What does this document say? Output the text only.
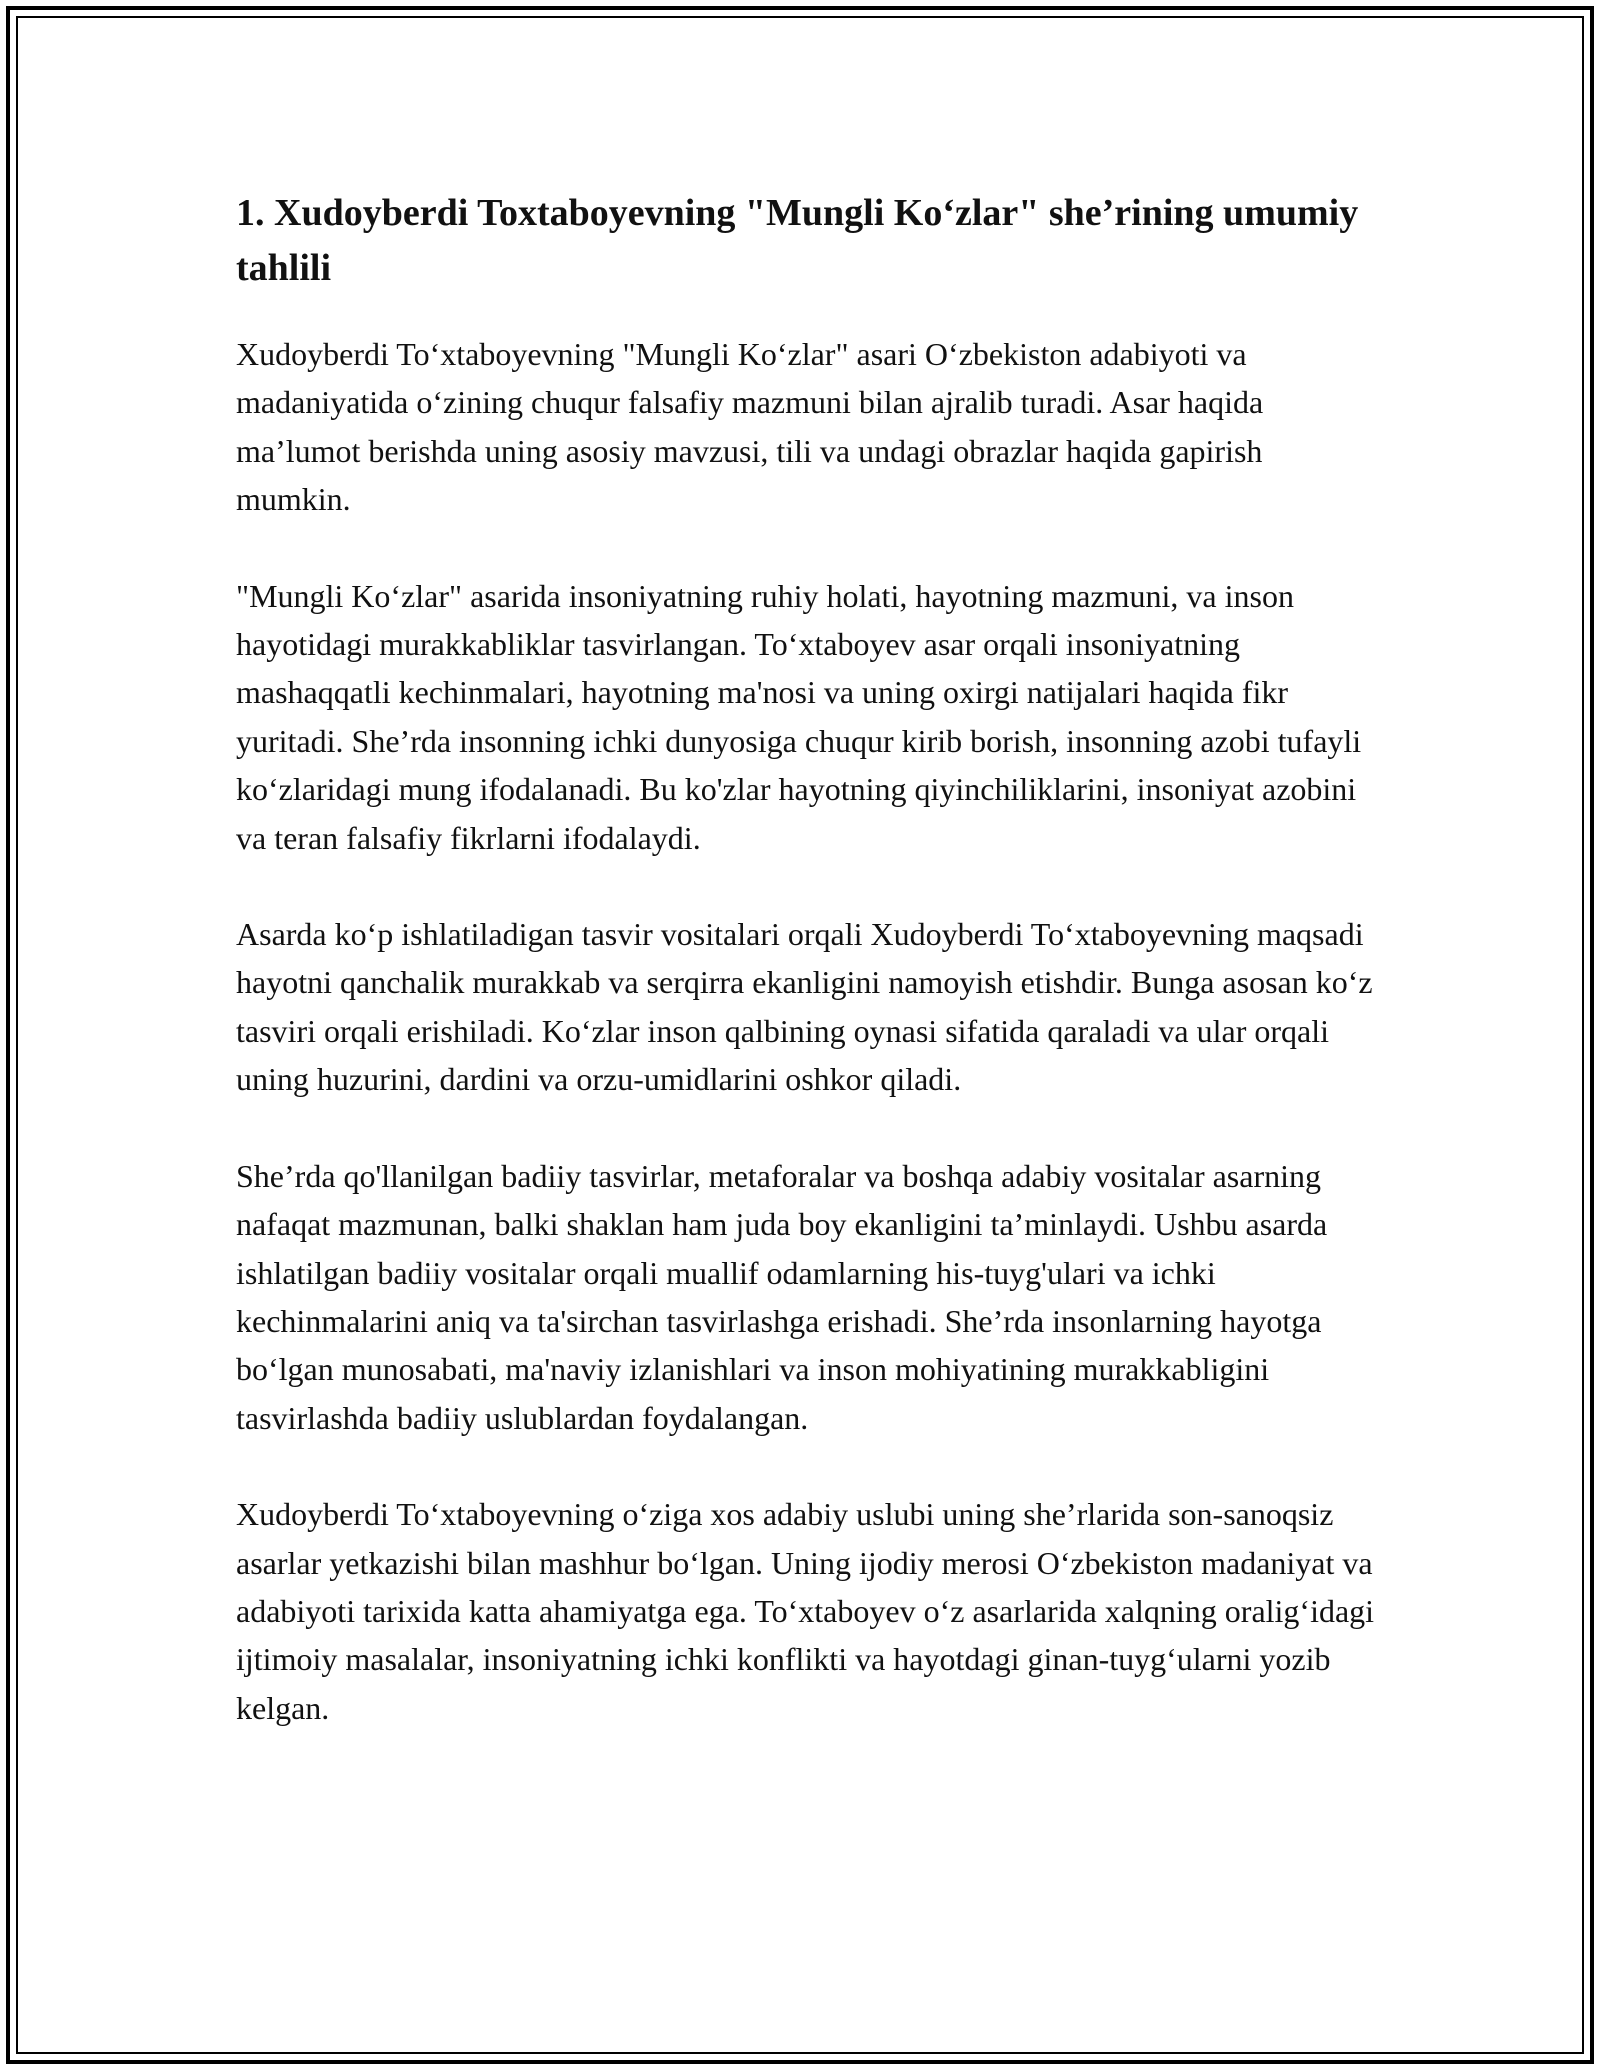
1. Xudoyberdi Toxtaboyevning "Mungli Ko‘zlar" she’rining umumiy tahlili

Xudoyberdi To‘xtaboyevning "Mungli Ko‘zlar" asari O‘zbekiston adabiyoti va madaniyatida o‘zining chuqur falsafiy mazmuni bilan ajralib turadi. Asar haqida ma’lumot berishda uning asosiy mavzusi, tili va undagi obrazlar haqida gapirish mumkin.

"Mungli Ko‘zlar" asarida insoniyatning ruhiy holati, hayotning mazmuni, va inson hayotidagi murakkabliklar tasvirlangan. To‘xtaboyev asar orqali insoniyatning mashaqqatli kechinmalari, hayotning ma'nosi va uning oxirgi natijalari haqida fikr yuritadi. She’rda insonning ichki dunyosiga chuqur kirib borish, insonning azobi tufayli ko‘zlaridagi mung ifodalanadi. Bu ko'zlar hayotning qiyinchiliklarini, insoniyat azobini va teran falsafiy fikrlarni ifodalaydi.

Asarda ko‘p ishlatiladigan tasvir vositalari orqali Xudoyberdi To‘xtaboyevning maqsadi hayotni qanchalik murakkab va serqirra ekanligini namoyish etishdir. Bunga asosan ko‘z tasviri orqali erishiladi. Ko‘zlar inson qalbining oynasi sifatida qaraladi va ular orqali uning huzurini, dardini va orzu-umidlarini oshkor qiladi.

She’rda qo'llanilgan badiiy tasvirlar, metaforalar va boshqa adabiy vositalar asarning nafaqat mazmunan, balki shaklan ham juda boy ekanligini ta’minlaydi. Ushbu asarda ishlatilgan badiiy vositalar orqali muallif odamlarning his-tuyg'ulari va ichki kechinmalarini aniq va ta'sirchan tasvirlashga erishadi. She’rda insonlarning hayotga bo‘lgan munosabati, ma'naviy izlanishlari va inson mohiyatining murakkabligini tasvirlashda badiiy uslublardan foydalangan.

Xudoyberdi To‘xtaboyevning o‘ziga xos adabiy uslubi uning she’rlarida son-sanoqsiz asarlar yetkazishi bilan mashhur bo‘lgan. Uning ijodiy merosi O‘zbekiston madaniyat va adabiyoti tarixida katta ahamiyatga ega. To‘xtaboyev o‘z asarlarida xalqning oralig‘idagi ijtimoiy masalalar, insoniyatning ichki konflikti va hayotdagi ginan-tuyg‘ularni yozib kelgan.
